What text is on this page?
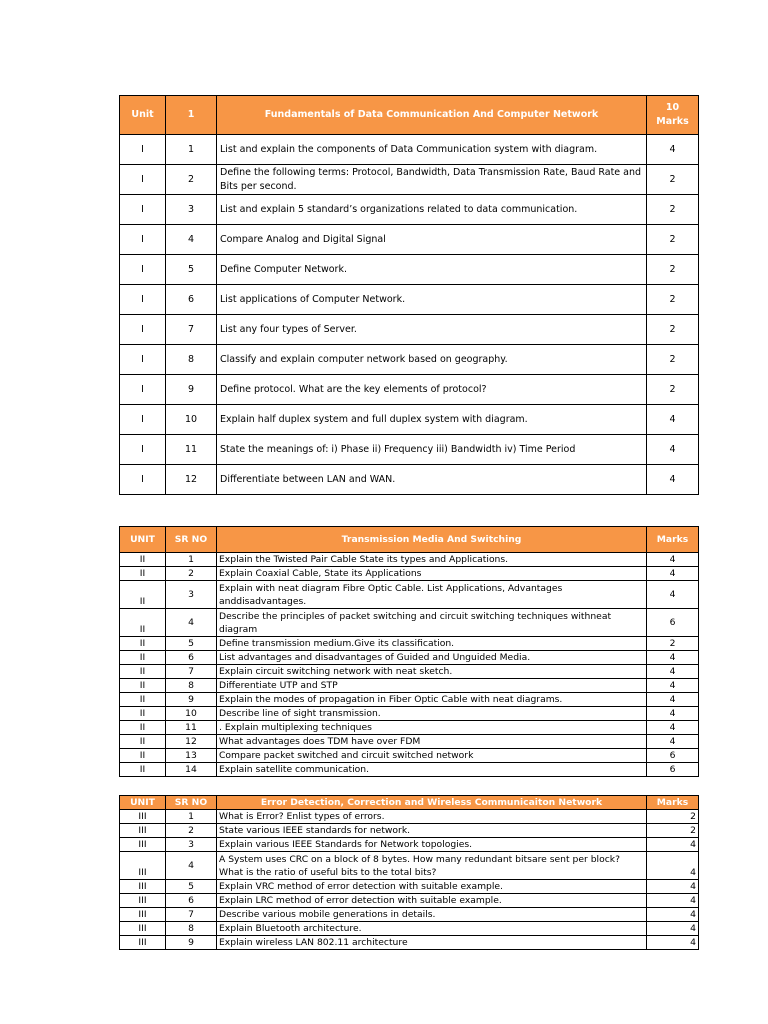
Unit	1	Fundamentals of Data Communication And Computer Network	10 Marks
I	1	List and explain the components of Data Communication system with diagram.	4
I	2	Define the following terms: Protocol, Bandwidth, Data Transmission Rate, Baud Rate and Bits per second.	2
I	3	List and explain 5 standard’s organizations related to data communication.	2
I	4	Compare Analog and Digital Signal	2
I	5	Define Computer Network.	2
I	6	List applications of Computer Network.	2
I	7	List any four types of Server.	2
I	8	Classify and explain computer network based on geography.	2
I	9	Define protocol. What are the key elements of protocol?	2
I	10	Explain half duplex system and full duplex system with diagram.	4
I	11	State the meanings of: i) Phase ii) Frequency iii) Bandwidth iv) Time Period	4
I	12	Differentiate between LAN and WAN.	4
UNIT	SR NO	Transmission Media And Switching	Marks
II	1	Explain the Twisted Pair Cable State its types and Applications.	4
II	2	Explain Coaxial Cable, State its Applications	4
II	3	Explain with neat diagram Fibre Optic Cable. List Applications, Advantages anddisadvantages.	4
II	4	Describe the principles of packet switching and circuit switching techniques withneat diagram	6
II	5	Define transmission medium.Give its classification.	2
II	6	List advantages and disadvantages of Guided and Unguided Media.	4
II	7	Explain circuit switching network with neat sketch.	4
II	8	Differentiate UTP and STP	4
II	9	Explain the modes of propagation in Fiber Optic Cable with neat diagrams.	4
II	10	Describe line of sight transmission.	4
II	11	. Explain multiplexing techniques	4
II	12	What advantages does TDM have over FDM	4
II	13	Compare packet switched and circuit switched network	6
II	14	Explain satellite communication.	6
UNIT	SR NO	Error Detection, Correction and Wireless Communicaiton Network	Marks
III	1	What is Error? Enlist types of errors.	2
III	2	State various IEEE standards for network.	2
III	3	Explain various IEEE Standards for Network topologies.	4
III	4	A System uses CRC on a block of 8 bytes. How many redundant bitsare sent per block?What is the ratio of useful bits to the total bits?	4
III	5	Explain VRC method of error detection with suitable example.	4
III	6	Explain LRC method of error detection with suitable example.	4
III	7	Describe various mobile generations in details.	4
III	8	Explain Bluetooth architecture.	4
III	9	Explain wireless LAN 802.11 architecture	4
